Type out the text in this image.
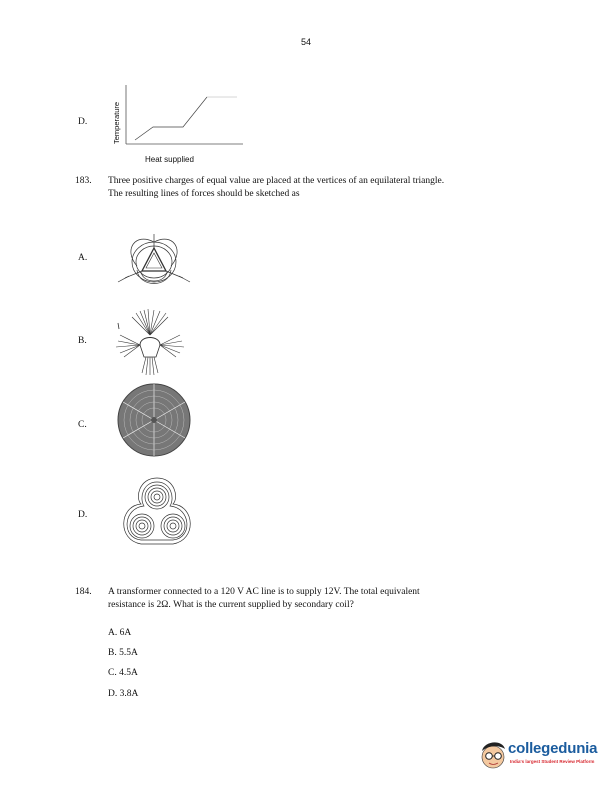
54
D.	Temperature
Heat supplied
183. Three positive charges of equal value are placed at the vertices of an equilateral triangle.
The resulting lines of forces should be sketched as
A.
B.
C.
D.
184. A transformer connected to a 120 V AC line is to supply 12V. The total equivalent
resistance is 2Ω. What is the current supplied by secondary coil?
A. 6A
B. 5.5A
C. 4.5A
D. 3.8A
collegedunia
India's largest Student Review Platform
